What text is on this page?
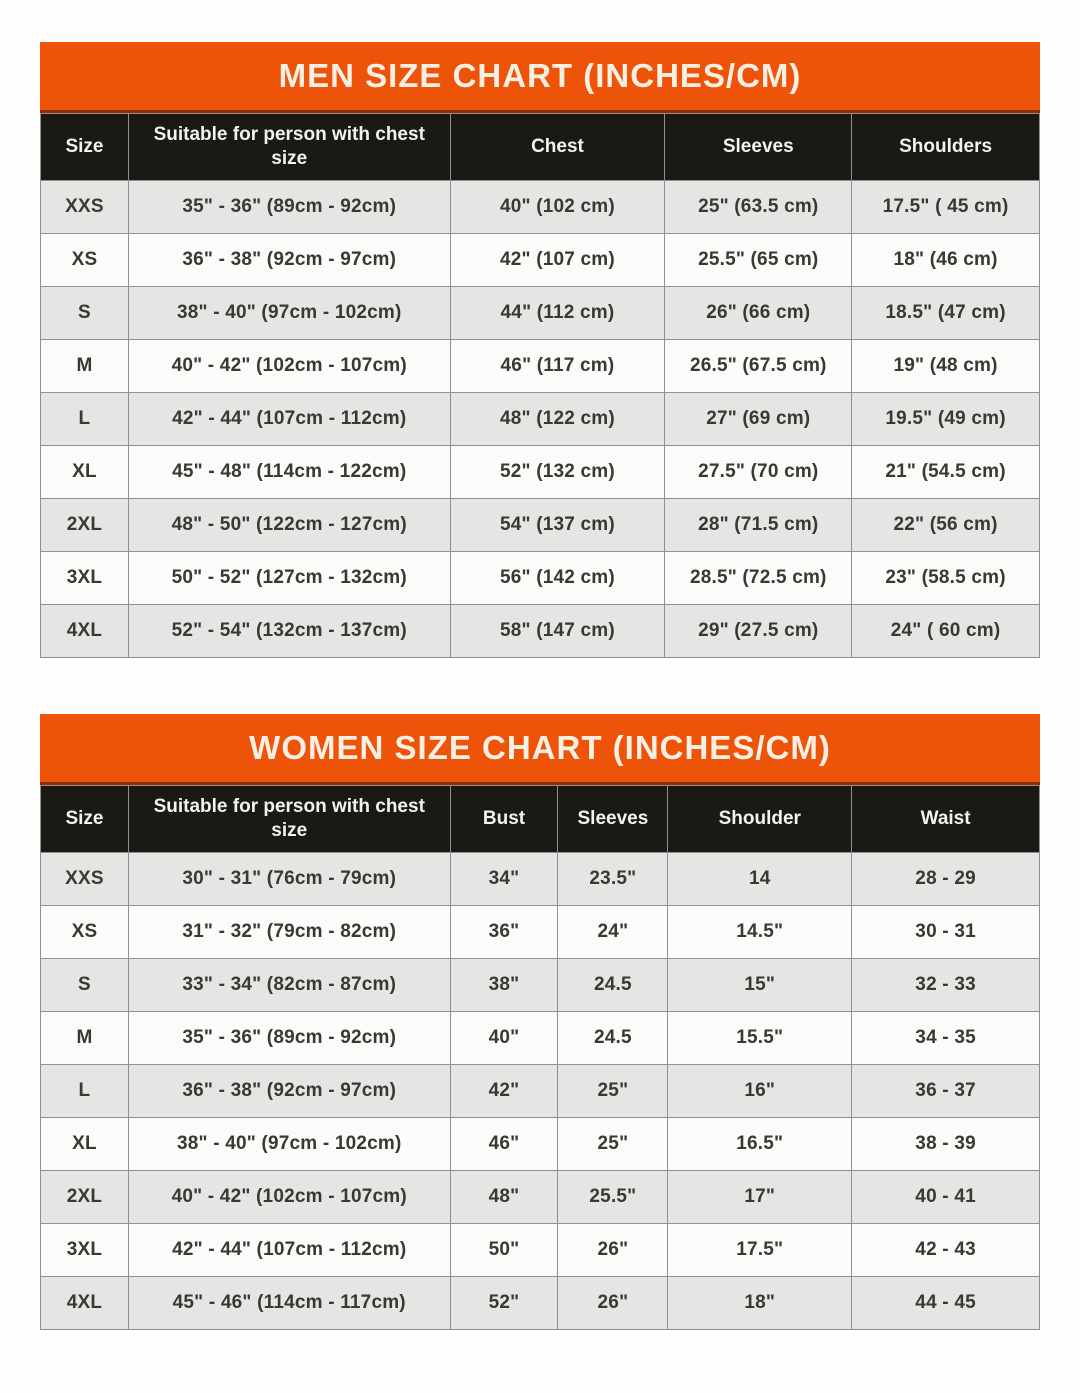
MEN SIZE CHART (INCHES/CM)
Size	Suitable for person with chest size	Chest	Sleeves	Shoulders
XXS	35" - 36" (89cm - 92cm)	40" (102 cm)	25" (63.5 cm)	17.5" ( 45 cm)
XS	36" - 38" (92cm - 97cm)	42" (107 cm)	25.5" (65 cm)	18" (46 cm)
S	38" - 40" (97cm - 102cm)	44" (112 cm)	26" (66 cm)	18.5" (47 cm)
M	40" - 42" (102cm - 107cm)	46" (117 cm)	26.5" (67.5 cm)	19" (48 cm)
L	42" - 44" (107cm - 112cm)	48" (122 cm)	27" (69 cm)	19.5" (49 cm)
XL	45" - 48" (114cm - 122cm)	52" (132 cm)	27.5" (70 cm)	21" (54.5 cm)
2XL	48" - 50" (122cm - 127cm)	54" (137 cm)	28" (71.5 cm)	22" (56 cm)
3XL	50" - 52" (127cm - 132cm)	56" (142 cm)	28.5" (72.5 cm)	23" (58.5 cm)
4XL	52" - 54" (132cm - 137cm)	58" (147 cm)	29" (27.5 cm)	24" ( 60 cm)
WOMEN SIZE CHART (INCHES/CM)
Size	Suitable for person with chest size	Bust	Sleeves	Shoulder	Waist
XXS	30" - 31" (76cm - 79cm)	34"	23.5"	14	28 - 29
XS	31" - 32" (79cm - 82cm)	36"	24"	14.5"	30 - 31
S	33" - 34" (82cm - 87cm)	38"	24.5	15"	32 - 33
M	35" - 36" (89cm - 92cm)	40"	24.5	15.5"	34 - 35
L	36" - 38" (92cm - 97cm)	42"	25"	16"	36 - 37
XL	38" - 40" (97cm - 102cm)	46"	25"	16.5"	38 - 39
2XL	40" - 42" (102cm - 107cm)	48"	25.5"	17"	40 - 41
3XL	42" - 44" (107cm - 112cm)	50"	26"	17.5"	42 - 43
4XL	45" - 46" (114cm - 117cm)	52"	26"	18"	44 - 45
